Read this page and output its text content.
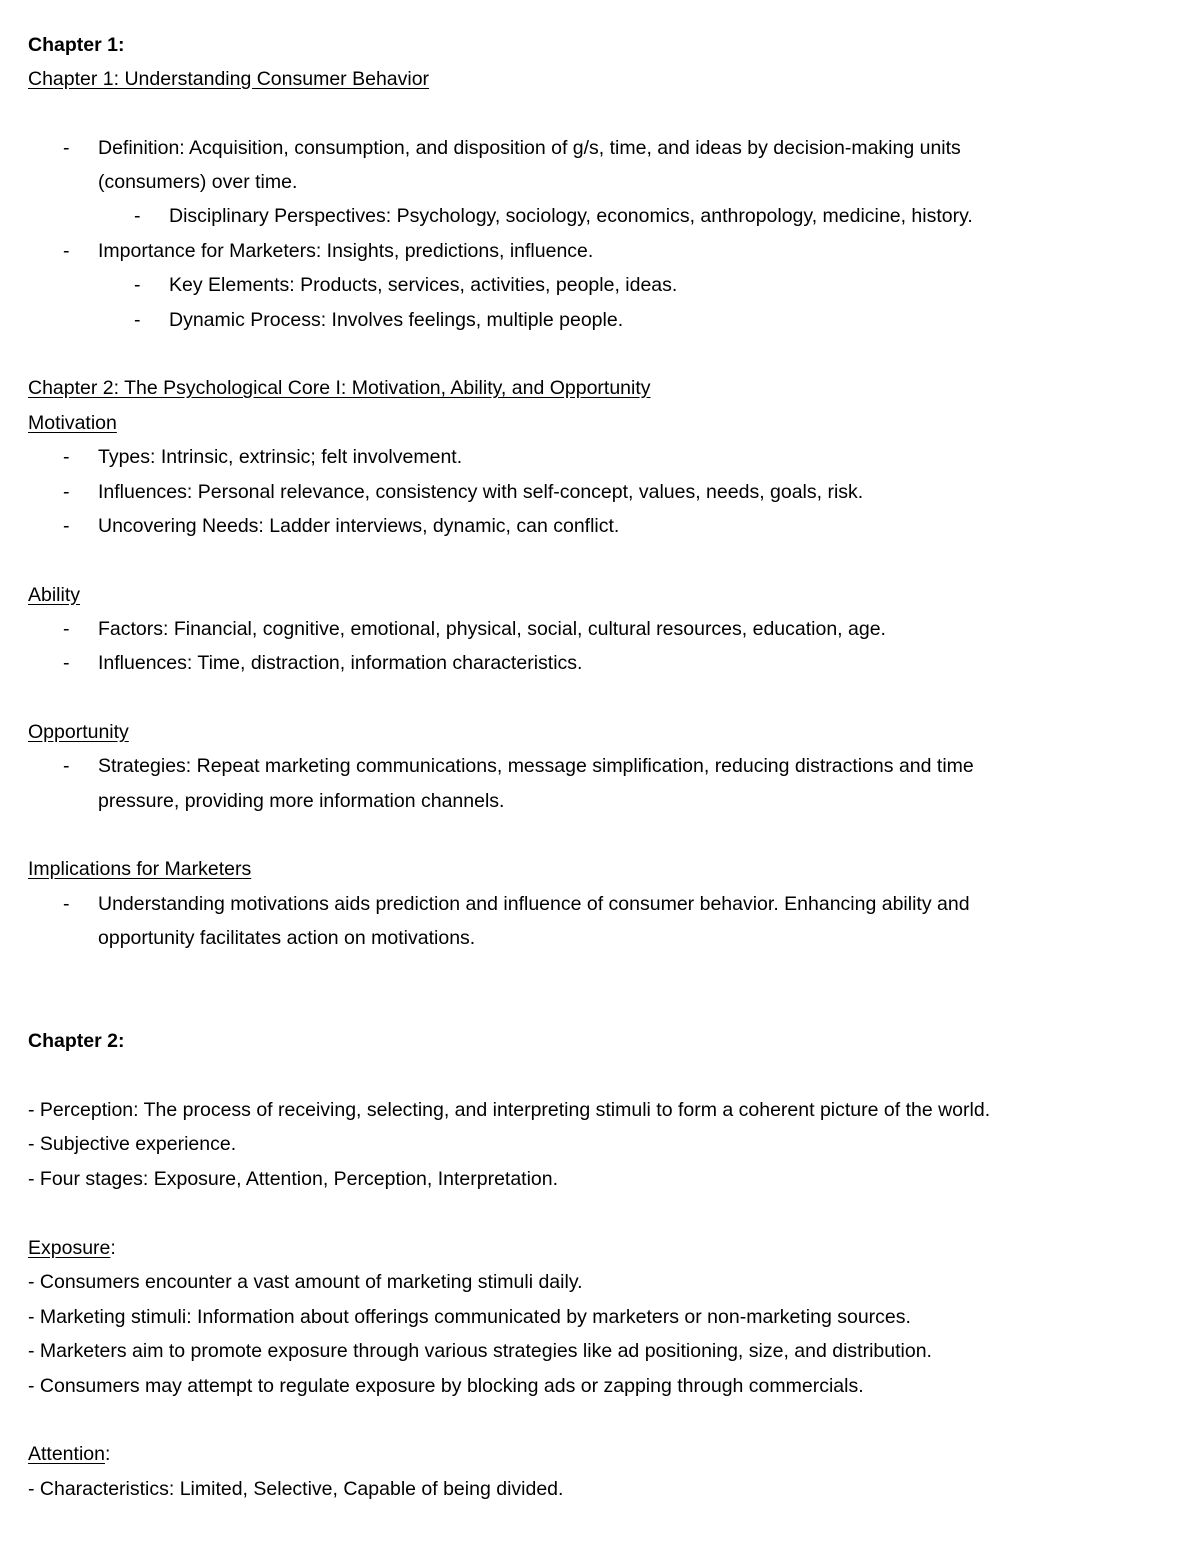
Chapter 1:
Chapter 1: Understanding Consumer Behavior
- Definition: Acquisition, consumption, and disposition of g/s, time, and ideas by decision-making units
(consumers) over time.
- Disciplinary Perspectives: Psychology, sociology, economics, anthropology, medicine, history.
- Importance for Marketers: Insights, predictions, influence.
- Key Elements: Products, services, activities, people, ideas.
- Dynamic Process: Involves feelings, multiple people.
Chapter 2: The Psychological Core I: Motivation, Ability, and Opportunity
Motivation
- Types: Intrinsic, extrinsic; felt involvement.
- Influences: Personal relevance, consistency with self-concept, values, needs, goals, risk.
- Uncovering Needs: Ladder interviews, dynamic, can conflict.
Ability
- Factors: Financial, cognitive, emotional, physical, social, cultural resources, education, age.
- Influences: Time, distraction, information characteristics.
Opportunity
- Strategies: Repeat marketing communications, message simplification, reducing distractions and time
pressure, providing more information channels.
Implications for Marketers
- Understanding motivations aids prediction and influence of consumer behavior. Enhancing ability and
opportunity facilitates action on motivations.
Chapter 2:
- Perception: The process of receiving, selecting, and interpreting stimuli to form a coherent picture of the world.
- Subjective experience.
- Four stages: Exposure, Attention, Perception, Interpretation.
Exposure:
- Consumers encounter a vast amount of marketing stimuli daily.
- Marketing stimuli: Information about offerings communicated by marketers or non-marketing sources.
- Marketers aim to promote exposure through various strategies like ad positioning, size, and distribution.
- Consumers may attempt to regulate exposure by blocking ads or zapping through commercials.
Attention:
- Characteristics: Limited, Selective, Capable of being divided.
